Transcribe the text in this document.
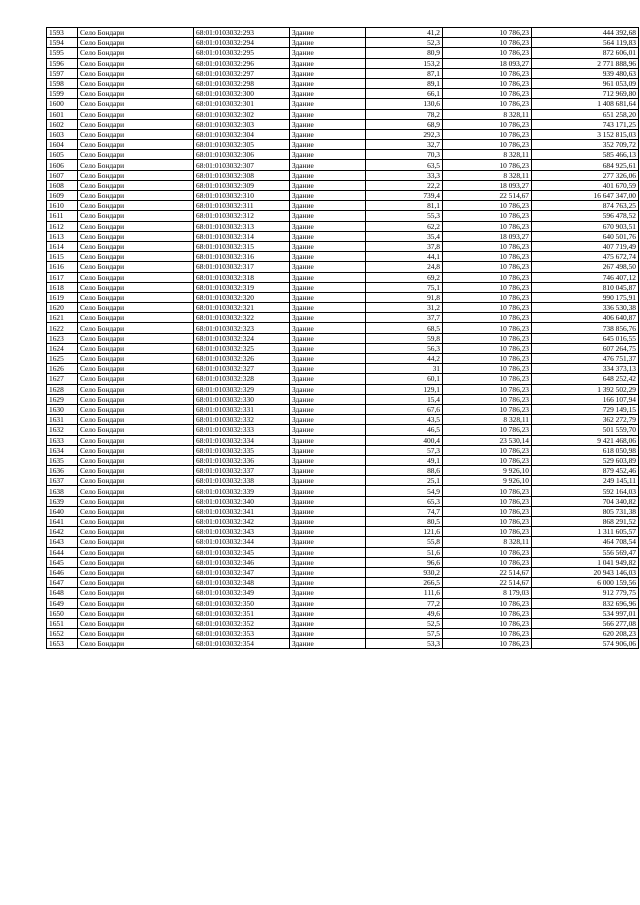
1593	Село Бондари	68:01:0103032:293	Здание	41,2	10 786,23	444 392,68
1594	Село Бондари	68:01:0103032:294	Здание	52,3	10 786,23	564 119,83
1595	Село Бондари	68:01:0103032:295	Здание	80,9	10 786,23	872 606,01
1596	Село Бондари	68:01:0103032:296	Здание	153,2	18 093,27	2 771 888,96
1597	Село Бондари	68:01:0103032:297	Здание	87,1	10 786,23	939 480,63
1598	Село Бондари	68:01:0103032:298	Здание	89,1	10 786,23	961 053,09
1599	Село Бондари	68:01:0103032:300	Здание	66,1	10 786,23	712 969,80
1600	Село Бондари	68:01:0103032:301	Здание	130,6	10 786,23	1 408 681,64
1601	Село Бондари	68:01:0103032:302	Здание	78,2	8 328,11	651 258,20
1602	Село Бондари	68:01:0103032:303	Здание	68,9	10 786,23	743 171,25
1603	Село Бондари	68:01:0103032:304	Здание	292,3	10 786,23	3 152 815,03
1604	Село Бондари	68:01:0103032:305	Здание	32,7	10 786,23	352 709,72
1605	Село Бондари	68:01:0103032:306	Здание	70,3	8 328,11	585 466,13
1606	Село Бондари	68:01:0103032:307	Здание	63,5	10 786,23	684 925,61
1607	Село Бондари	68:01:0103032:308	Здание	33,3	8 328,11	277 326,06
1608	Село Бондари	68:01:0103032:309	Здание	22,2	18 093,27	401 670,59
1609	Село Бондари	68:01:0103032:310	Здание	739,4	22 514,67	16 647 347,00
1610	Село Бондари	68:01:0103032:311	Здание	81,1	10 786,23	874 763,25
1611	Село Бондари	68:01:0103032:312	Здание	55,3	10 786,23	596 478,52
1612	Село Бондари	68:01:0103032:313	Здание	62,2	10 786,23	670 903,51
1613	Село Бондари	68:01:0103032:314	Здание	35,4	18 093,27	640 501,76
1614	Село Бондари	68:01:0103032:315	Здание	37,8	10 786,23	407 719,49
1615	Село Бондари	68:01:0103032:316	Здание	44,1	10 786,23	475 672,74
1616	Село Бондари	68:01:0103032:317	Здание	24,8	10 786,23	267 498,50
1617	Село Бондари	68:01:0103032:318	Здание	69,2	10 786,23	746 407,12
1618	Село Бондари	68:01:0103032:319	Здание	75,1	10 786,23	810 045,87
1619	Село Бондари	68:01:0103032:320	Здание	91,8	10 786,23	990 175,91
1620	Село Бондари	68:01:0103032:321	Здание	31,2	10 786,23	336 530,38
1621	Село Бондари	68:01:0103032:322	Здание	37,7	10 786,23	406 640,87
1622	Село Бондари	68:01:0103032:323	Здание	68,5	10 786,23	738 856,76
1623	Село Бондари	68:01:0103032:324	Здание	59,8	10 786,23	645 016,55
1624	Село Бондари	68:01:0103032:325	Здание	56,3	10 786,23	607 264,75
1625	Село Бондари	68:01:0103032:326	Здание	44,2	10 786,23	476 751,37
1626	Село Бондари	68:01:0103032:327	Здание	31	10 786,23	334 373,13
1627	Село Бондари	68:01:0103032:328	Здание	60,1	10 786,23	648 252,42
1628	Село Бондари	68:01:0103032:329	Здание	129,1	10 786,23	1 392 502,29
1629	Село Бондари	68:01:0103032:330	Здание	15,4	10 786,23	166 107,94
1630	Село Бондари	68:01:0103032:331	Здание	67,6	10 786,23	729 149,15
1631	Село Бондари	68:01:0103032:332	Здание	43,5	8 328,11	362 272,79
1632	Село Бондари	68:01:0103032:333	Здание	46,5	10 786,23	501 559,70
1633	Село Бондари	68:01:0103032:334	Здание	400,4	23 530,14	9 421 468,06
1634	Село Бондари	68:01:0103032:335	Здание	57,3	10 786,23	618 050,98
1635	Село Бондари	68:01:0103032:336	Здание	49,1	10 786,23	529 603,89
1636	Село Бондари	68:01:0103032:337	Здание	88,6	9 926,10	879 452,46
1637	Село Бондари	68:01:0103032:338	Здание	25,1	9 926,10	249 145,11
1638	Село Бондари	68:01:0103032:339	Здание	54,9	10 786,23	592 164,03
1639	Село Бондари	68:01:0103032:340	Здание	65,3	10 786,23	704 340,82
1640	Село Бондари	68:01:0103032:341	Здание	74,7	10 786,23	805 731,38
1641	Село Бондари	68:01:0103032:342	Здание	80,5	10 786,23	868 291,52
1642	Село Бондари	68:01:0103032:343	Здание	121,6	10 786,23	1 311 605,57
1643	Село Бондари	68:01:0103032:344	Здание	55,8	8 328,11	464 708,54
1644	Село Бондари	68:01:0103032:345	Здание	51,6	10 786,23	556 569,47
1645	Село Бондари	68:01:0103032:346	Здание	96,6	10 786,23	1 041 949,82
1646	Село Бондари	68:01:0103032:347	Здание	930,2	22 514,67	20 943 146,03
1647	Село Бондари	68:01:0103032:348	Здание	266,5	22 514,67	6 000 159,56
1648	Село Бондари	68:01:0103032:349	Здание	111,6	8 179,03	912 779,75
1649	Село Бондари	68:01:0103032:350	Здание	77,2	10 786,23	832 696,96
1650	Село Бондари	68:01:0103032:351	Здание	49,6	10 786,23	534 997,01
1651	Село Бондари	68:01:0103032:352	Здание	52,5	10 786,23	566 277,08
1652	Село Бондари	68:01:0103032:353	Здание	57,5	10 786,23	620 208,23
1653	Село Бондари	68:01:0103032:354	Здание	53,3	10 786,23	574 906,06
